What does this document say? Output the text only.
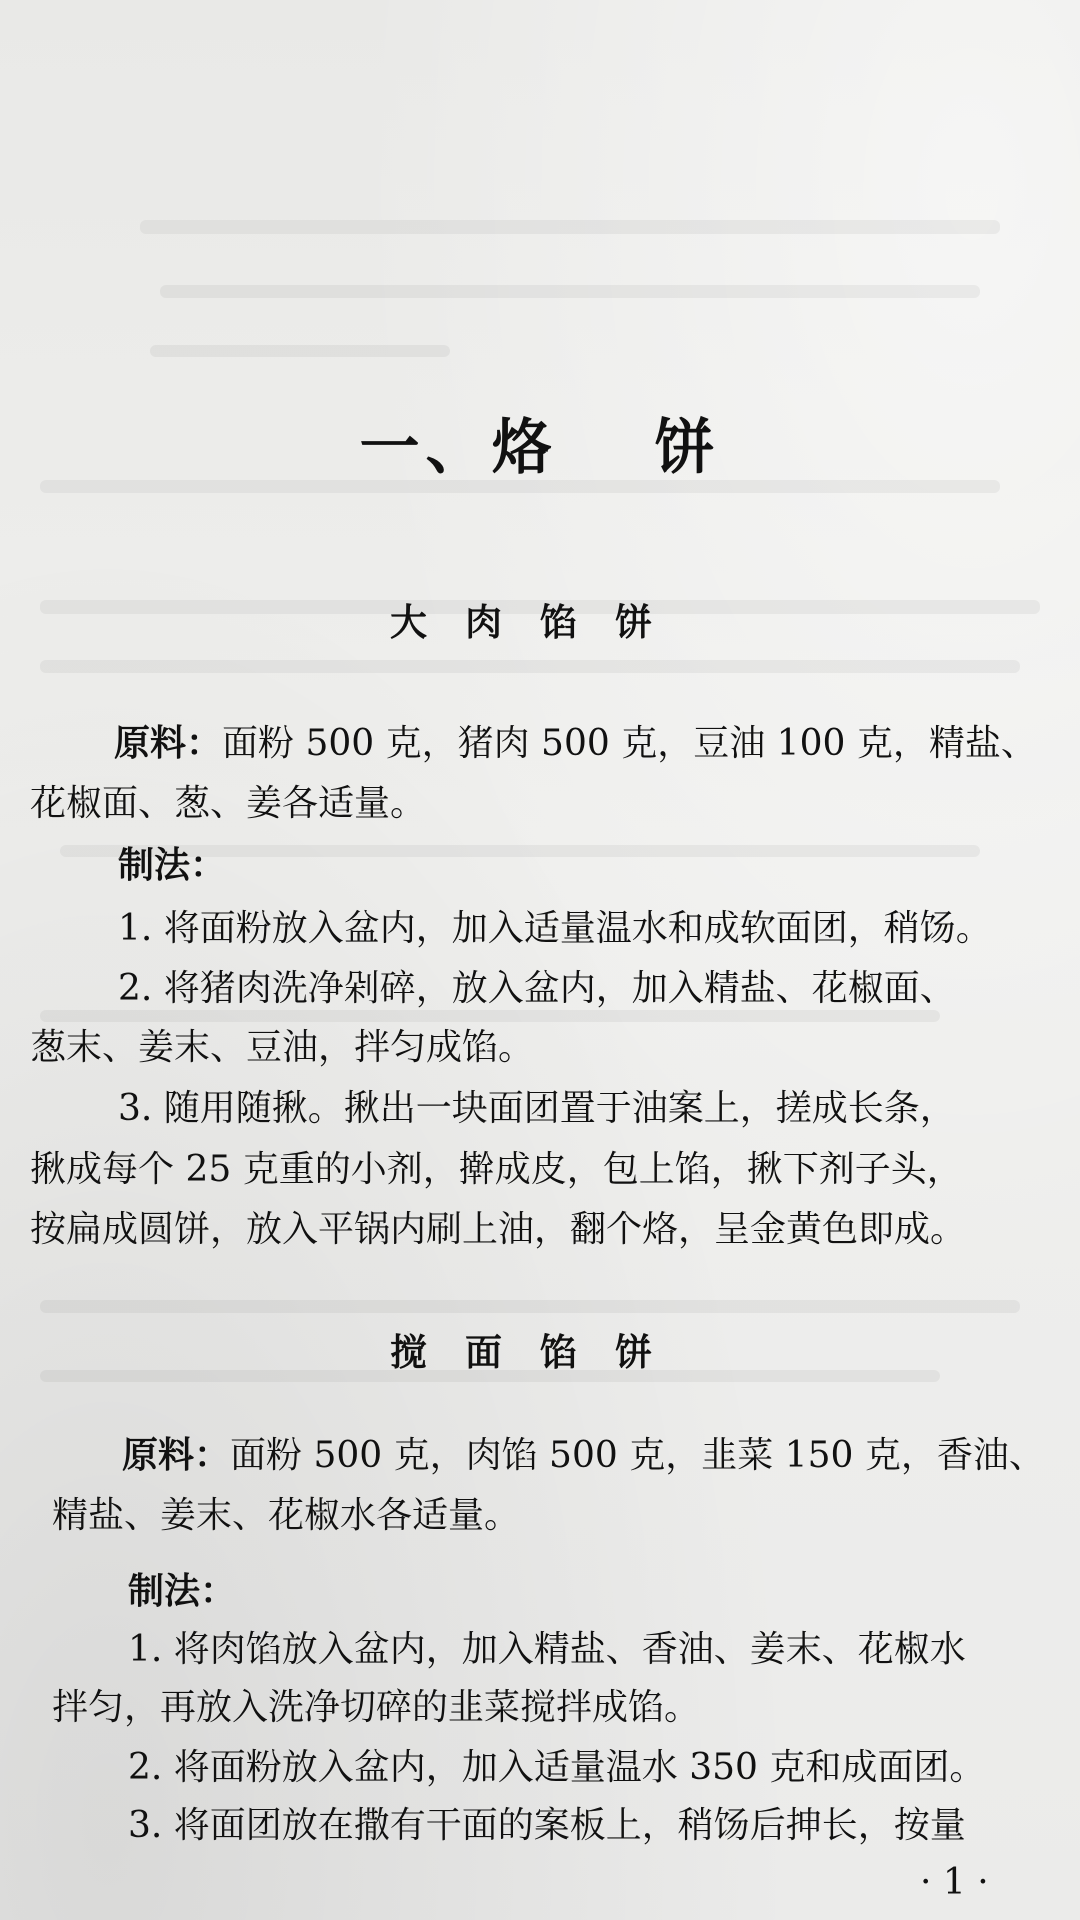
一、烙 饼
大肉馅饼

原料：面粉 500 克，猪肉 500 克，豆油 100 克，精盐、

花椒面、葱、姜各适量。

制法：

1. 将面粉放入盆内，加入适量温水和成软面团，稍饧。

2. 将猪肉洗净剁碎，放入盆内，加入精盐、花椒面、

葱末、姜末、豆油，拌匀成馅。

3. 随用随揪。揪出一块面团置于油案上，搓成长条，

揪成每个 25 克重的小剂，擀成皮，包上馅，揪下剂子头，

按扁成圆饼，放入平锅内刷上油，翻个烙，呈金黄色即成。

搅面馅饼

原料：面粉 500 克，肉馅 500 克，韭菜 150 克，香油、

精盐、姜末、花椒水各适量。

制法：

1. 将肉馅放入盆内，加入精盐、香油、姜末、花椒水

拌匀，再放入洗净切碎的韭菜搅拌成馅。

2. 将面粉放入盆内，加入适量温水 350 克和成面团。

3. 将面团放在撒有干面的案板上，稍饧后抻长，按量

· 1 ·
